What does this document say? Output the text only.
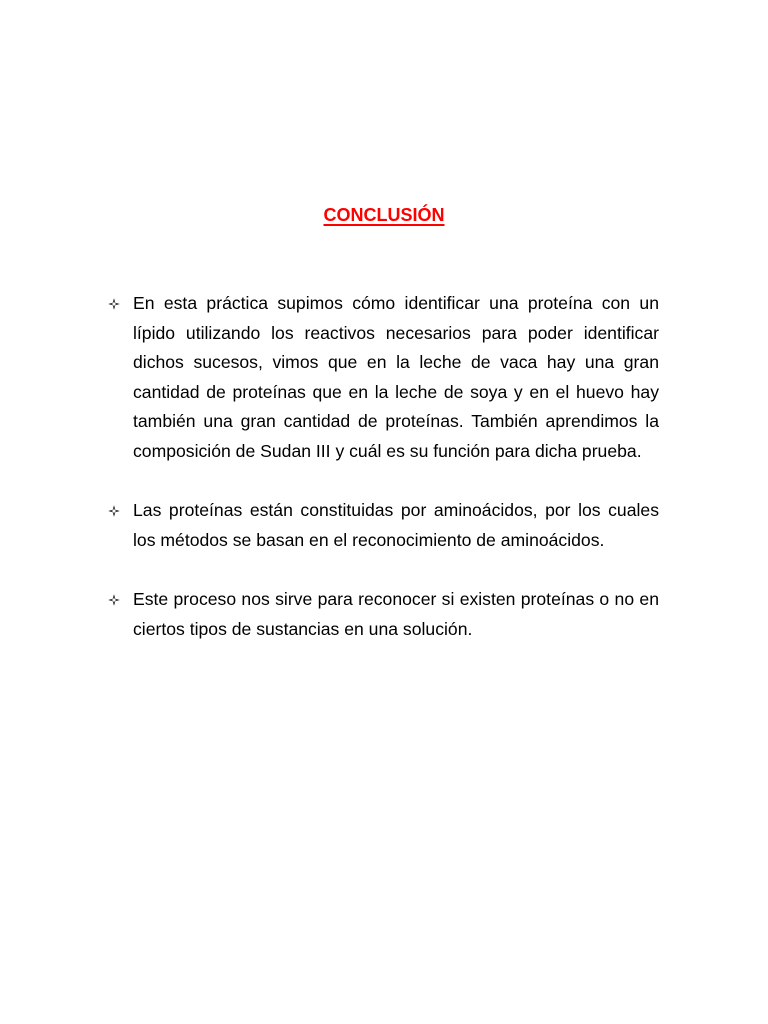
CONCLUSIÓN

En esta práctica supimos cómo identificar una proteína con un lípido utilizando los reactivos necesarios para poder identificar dichos sucesos, vimos que en la leche de vaca hay una gran cantidad de proteínas que en la leche de soya y en el huevo hay también una gran cantidad de proteínas. También aprendimos la composición de Sudan III y cuál es su función para dicha prueba.

Las proteínas están constituidas por aminoácidos, por los cuales los métodos se basan en el reconocimiento de aminoácidos.

Este proceso nos sirve para reconocer si existen proteínas o no en ciertos tipos de sustancias en una solución.
